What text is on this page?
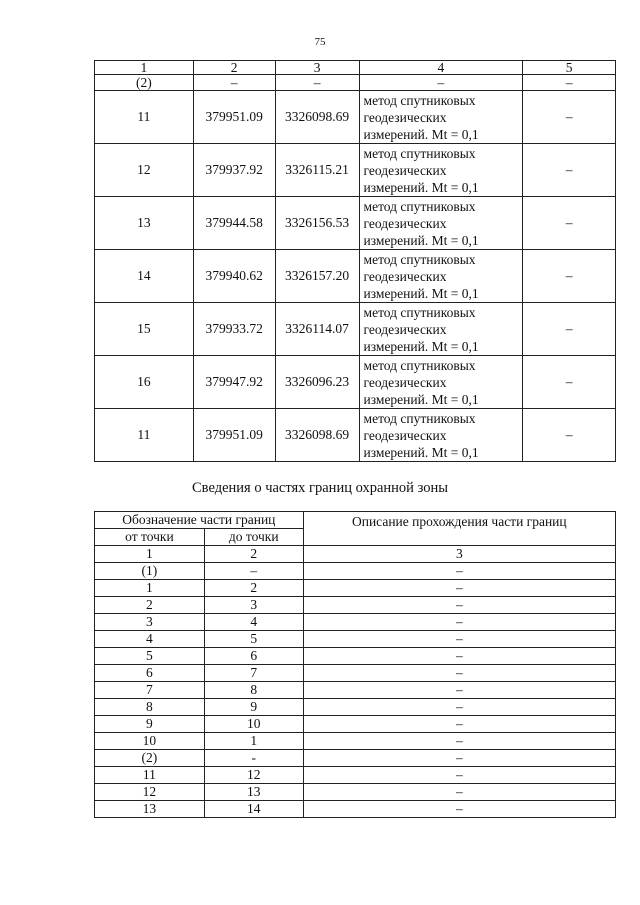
75
1	2	3	4	5
(2)	–	–	–	–
11	379951.09	3326098.69	метод спутниковых
геодезических
измерений. Mt = 0,1	–
12	379937.92	3326115.21	метод спутниковых
геодезических
измерений. Mt = 0,1	–
13	379944.58	3326156.53	метод спутниковых
геодезических
измерений. Mt = 0,1	–
14	379940.62	3326157.20	метод спутниковых
геодезических
измерений. Mt = 0,1	–
15	379933.72	3326114.07	метод спутниковых
геодезических
измерений. Mt = 0,1	–
16	379947.92	3326096.23	метод спутниковых
геодезических
измерений. Mt = 0,1	–
11	379951.09	3326098.69	метод спутниковых
геодезических
измерений. Mt = 0,1	–
Сведения о частях границ охранной зоны
Обозначение части границ		Описание прохождения части границ
от точки	до точки	
1	2	3
(1)	–	–
1	2	–
2	3	–
3	4	–
4	5	–
5	6	–
6	7	–
7	8	–
8	9	–
9	10	–
10	1	–
(2)	-	–
11	12	–
12	13	–
13	14	–
